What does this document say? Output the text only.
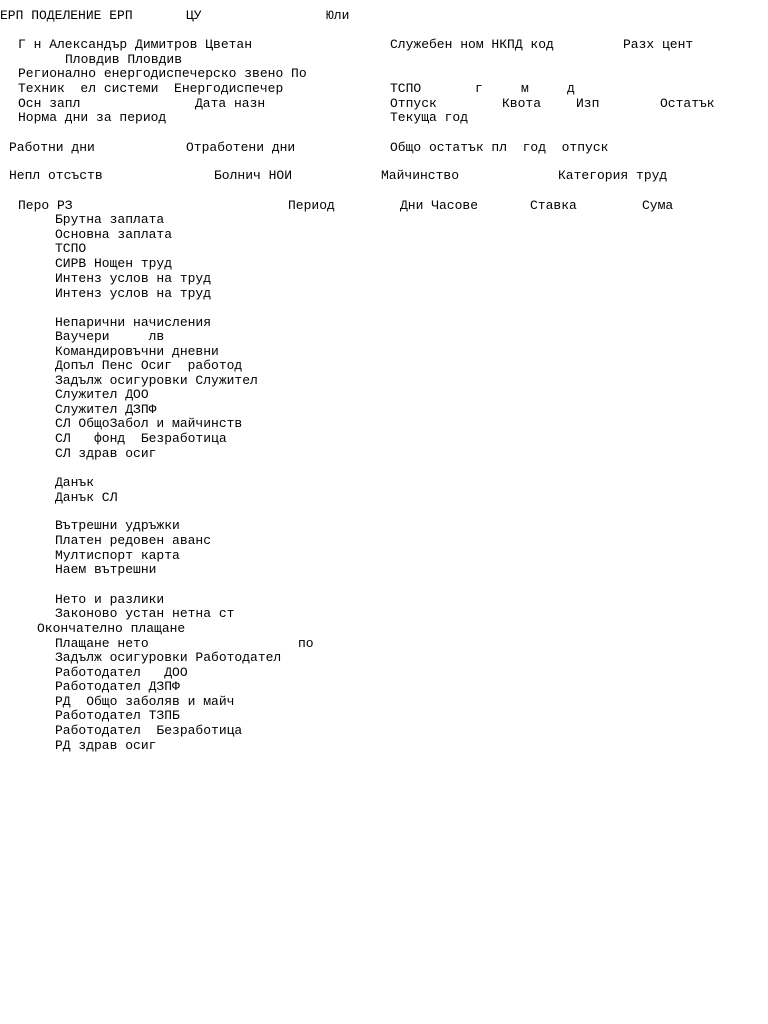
ЕРП ПОДЕЛЕНИЕ ЕРП	ЦУ	Юли
Г н Александър Димитров Цветан	Служебен ном НКПД код	Разх цент
Пловдив Пловдив
Регионално енергодиспечерско звено По
Техник  ел системи  Енергодиспечер	ТСПО	г	м	д
Осн запл	Дата назн	Отпуск	Квота	Изп	Остатък
Норма дни за период	Текуща год
Работни дни	Отработени дни	Общо остатък пл  год  отпуск
Непл отсъств	Болнич НОИ	Майчинство	Категория труд
Перо РЗ	Период	Дни Часове	Ставка	Сума
Брутна заплата
Основна заплата
ТСПО
СИРВ Нощен труд
Интенз услов на труд
Интенз услов на труд
Непарични начисления
Ваучери     лв
Командировъчни дневни
Допъл Пенс Осиг  работод
Задълж осигуровки Служител
Служител ДОО
Служител ДЗПФ
СЛ ОбщоЗабол и майчинств
СЛ   фонд  Безработица
СЛ здрав осиг
Данък
Данък СЛ
Вътрешни удръжки
Платен редовен аванс
Мултиспорт карта
Наем вътрешни
Нето и разлики
Законово устан нетна ст
Окончателно плащане
Плащане нето	по
Задълж осигуровки Работодател
Работодател   ДОО
Работодател ДЗПФ
РД  Общо заболяв и майч
Работодател ТЗПБ
Работодател  Безработица
РД здрав осиг
